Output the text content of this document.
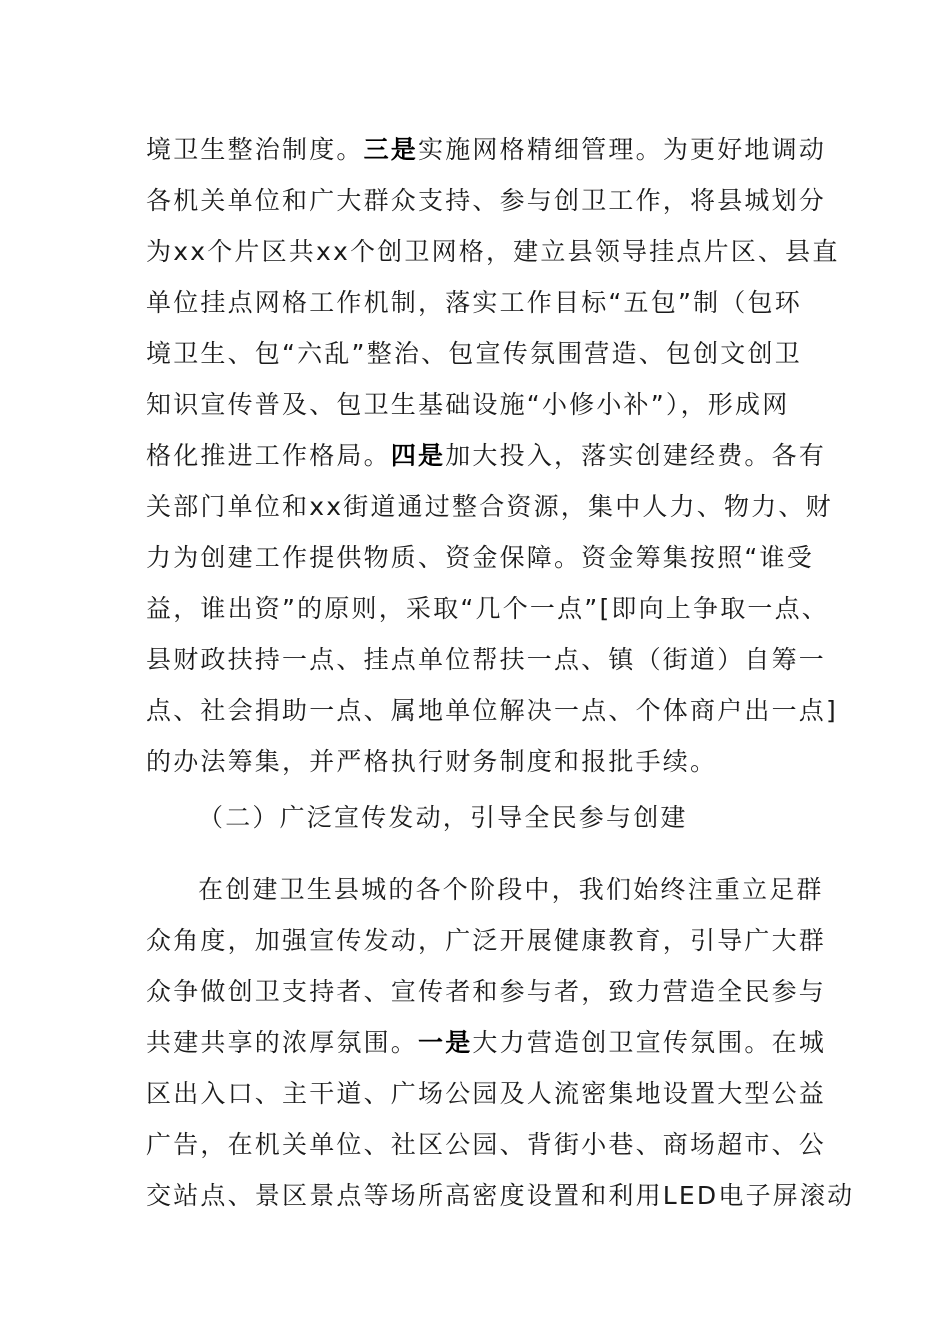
境卫生整治制度。三是实施网格精细管理。为更好地调动
各机关单位和广大群众支持、参与创卫工作，将县城划分
为xx个片区共xx个创卫网格，建立县领导挂点片区、县直
单位挂点网格工作机制，落实工作目标“五包”制（包环
境卫生、包“六乱”整治、包宣传氛围营造、包创文创卫
知识宣传普及、包卫生基础设施“小修小补”），形成网
格化推进工作格局。四是加大投入，落实创建经费。各有
关部门单位和xx街道通过整合资源，集中人力、物力、财
力为创建工作提供物质、资金保障。资金筹集按照“谁受
益，谁出资”的原则，采取“几个一点”[即向上争取一点、
县财政扶持一点、挂点单位帮扶一点、镇（街道）自筹一
点、社会捐助一点、属地单位解决一点、个体商户出一点]
的办法筹集，并严格执行财务制度和报批手续。
（二）广泛宣传发动，引导全民参与创建
在创建卫生县城的各个阶段中，我们始终注重立足群
众角度，加强宣传发动，广泛开展健康教育，引导广大群
众争做创卫支持者、宣传者和参与者，致力营造全民参与
共建共享的浓厚氛围。一是大力营造创卫宣传氛围。在城
区出入口、主干道、广场公园及人流密集地设置大型公益
广告，在机关单位、社区公园、背街小巷、商场超市、公
交站点、景区景点等场所高密度设置和利用LED电子屏滚动
